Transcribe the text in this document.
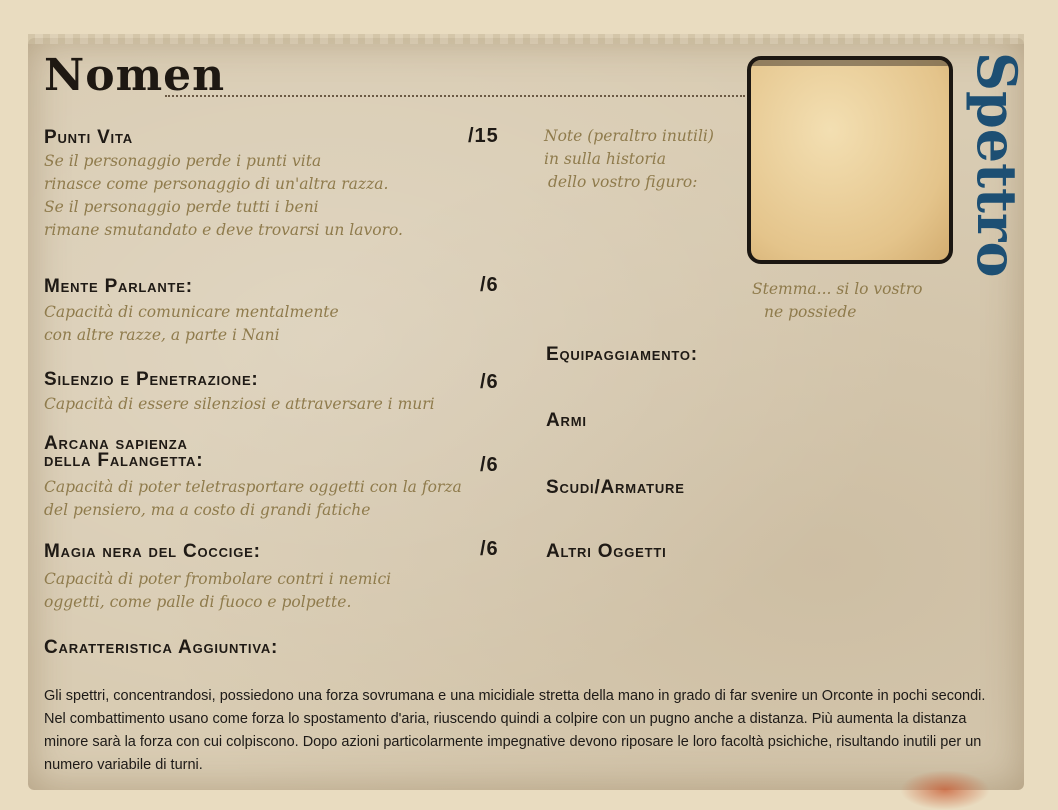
Nomen	Spettro
Stemma... si lo vostro
ne possiede
Punti Vita	/15
Se il personaggio perde i punti vita
rinasce come personaggio di un'altra razza.
Se il personaggio perde tutti i beni
rimane smutandato e deve trovarsi un lavoro.
Mente Parlante:	/6
Capacità di comunicare mentalmente
con altre razze, a parte i Nani
Silenzio e Penetrazione:	/6
Capacità di essere silenziosi e attraversare i muri
Arcana sapienza
della Falangetta:	/6
Capacità di poter teletrasportare oggetti con la forza
del pensiero, ma a costo di grandi fatiche
Magia nera del Coccige:	/6
Capacità di poter frombolare contri i nemici
oggetti, come palle di fuoco e polpette.
Note (peraltro inutili)
in sulla historia
dello vostro figuro:
Equipaggiamento:
Armi
Scudi/Armature
Altri Oggetti
Caratteristica Aggiuntiva:
Gli spettri, concentrandosi, possiedono una forza sovrumana e una micidiale stretta della mano in grado di far svenire un Orconte in pochi secondi. Nel combattimento usano come forza lo spostamento d'aria, riuscendo quindi a colpire con un pugno anche a distanza. Più aumenta la distanza minore sarà la forza con cui colpiscono. Dopo azioni particolarmente impegnative devono riposare le loro facoltà psichiche, risultando inutili per un numero variabile di turni.
